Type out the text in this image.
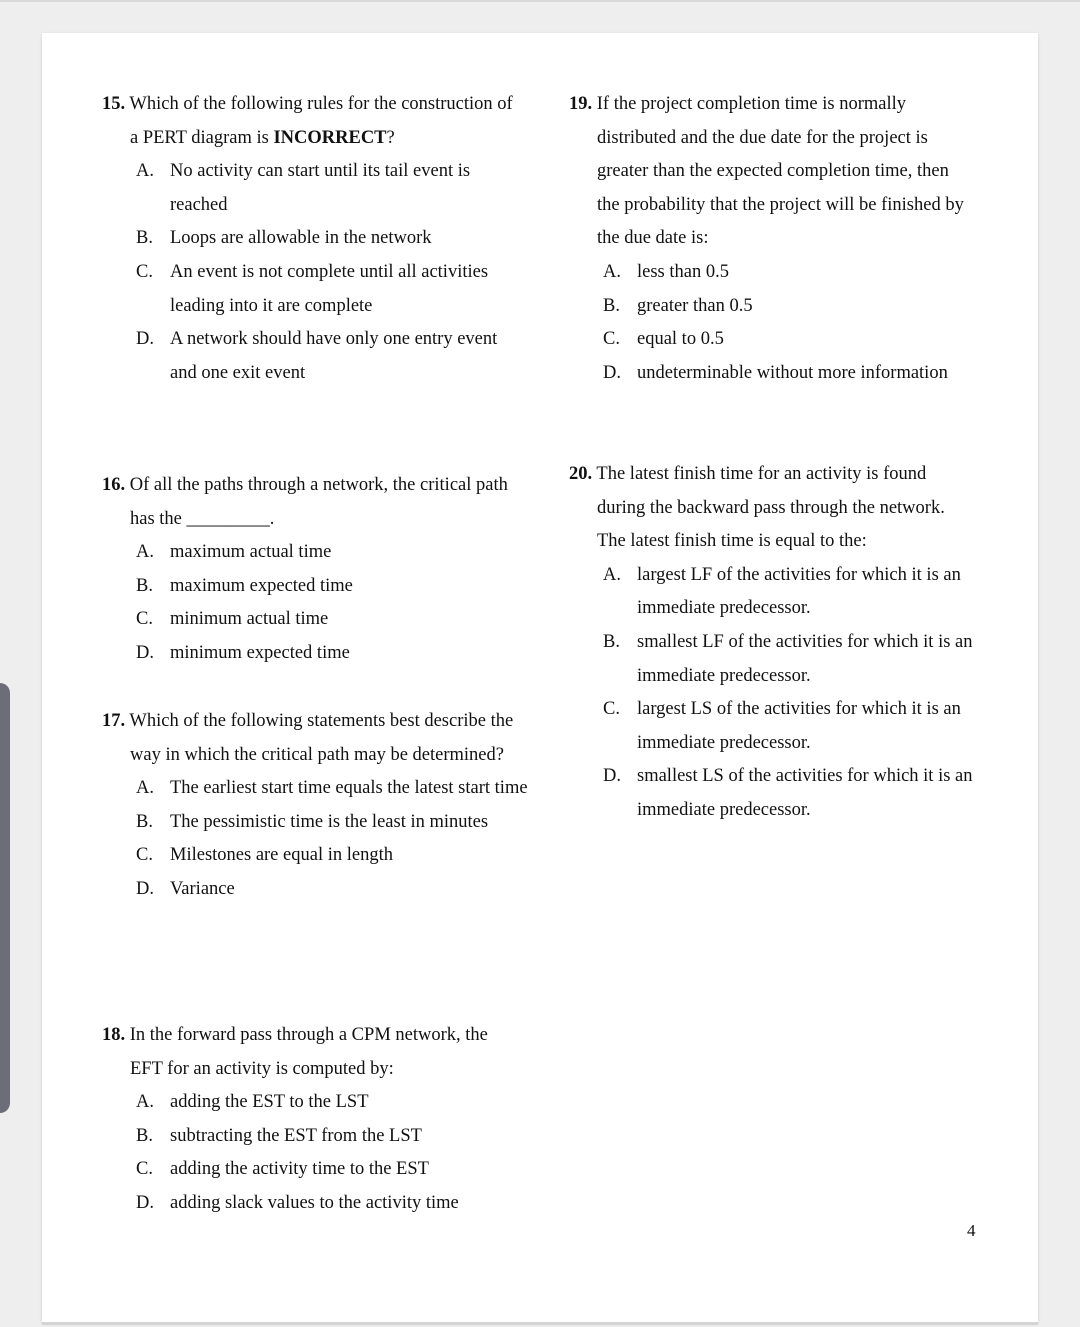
15. Which of the following rules for the construction of a PERT diagram is INCORRECT?
A. No activity can start until its tail event is reached
B. Loops are allowable in the network
C. An event is not complete until all activities leading into it are complete
D. A network should have only one entry event and one exit event
16. Of all the paths through a network, the critical path has the _________.
A. maximum actual time
B. maximum expected time
C. minimum actual time
D. minimum expected time
17. Which of the following statements best describe the way in which the critical path may be determined?
A. The earliest start time equals the latest start time
B. The pessimistic time is the least in minutes
C. Milestones are equal in length
D. Variance
18. In the forward pass through a CPM network, the EFT for an activity is computed by:
A. adding the EST to the LST
B. subtracting the EST from the LST
C. adding the activity time to the EST
D. adding slack values to the activity time
19. If the project completion time is normally distributed and the due date for the project is greater than the expected completion time, then the probability that the project will be finished by the due date is:
A. less than 0.5
B. greater than 0.5
C. equal to 0.5
D. undeterminable without more information
20. The latest finish time for an activity is found during the backward pass through the network. The latest finish time is equal to the:
A. largest LF of the activities for which it is an immediate predecessor.
B. smallest LF of the activities for which it is an immediate predecessor.
C. largest LS of the activities for which it is an immediate predecessor.
D. smallest LS of the activities for which it is an immediate predecessor.
4
